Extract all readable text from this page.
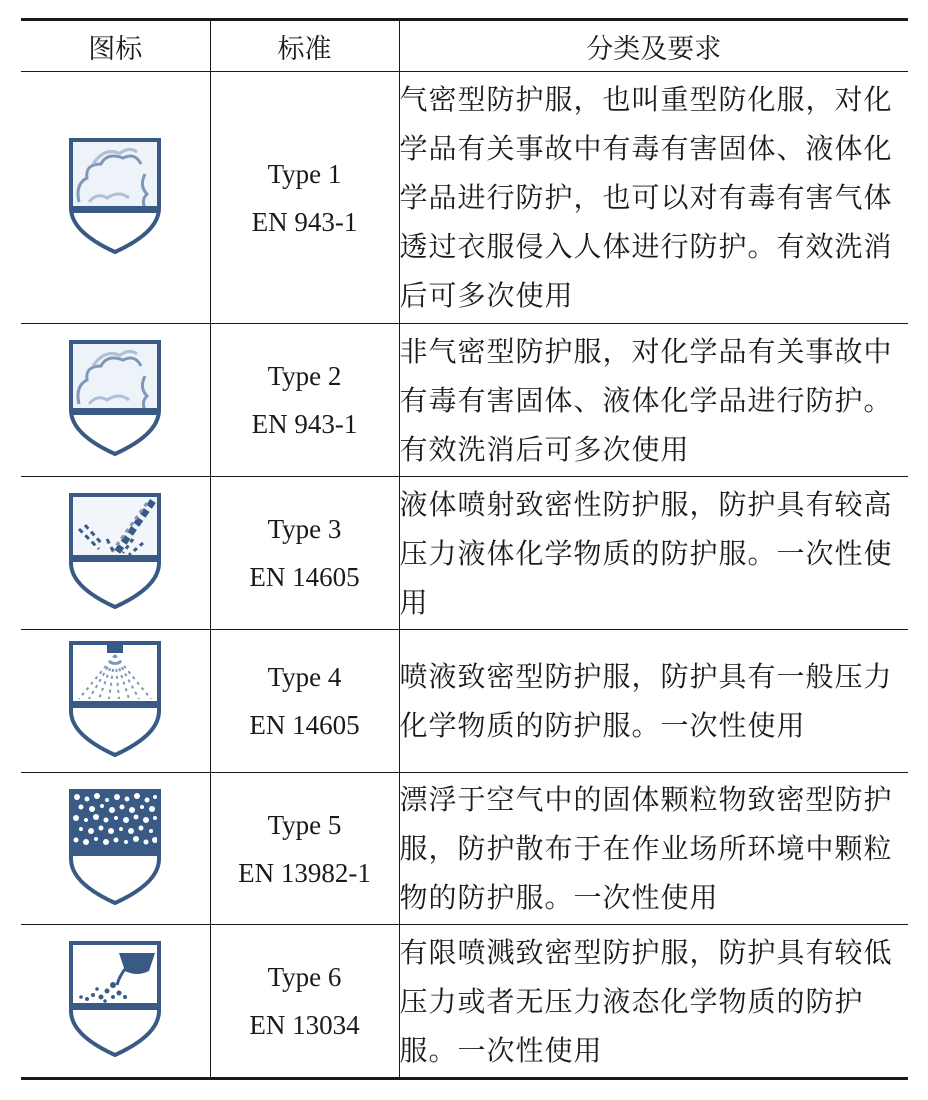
图标	标准	分类及要求

Type 1
EN 943-1	气密型防护服，也叫重型防化服，对化学品有关事故中有毒有害固体、液体化学品进行防护，也可以对有毒有害气体透过衣服侵入人体进行防护。有效洗消后可多次使用

Type 2
EN 943-1	非气密型防护服，对化学品有关事故中有毒有害固体、液体化学品进行防护。有效洗消后可多次使用

Type 3
EN 14605	液体喷射致密性防护服，防护具有较高压力液体化学物质的防护服。一次性使用

Type 4
EN 14605	喷液致密型防护服，防护具有一般压力化学物质的防护服。一次性使用

Type 5
EN 13982-1	漂浮于空气中的固体颗粒物致密型防护服，防护散布于在作业场所环境中颗粒物的防护服。一次性使用

Type 6
EN 13034	有限喷溅致密型防护服，防护具有较低压力或者无压力液态化学物质的防护服。一次性使用
